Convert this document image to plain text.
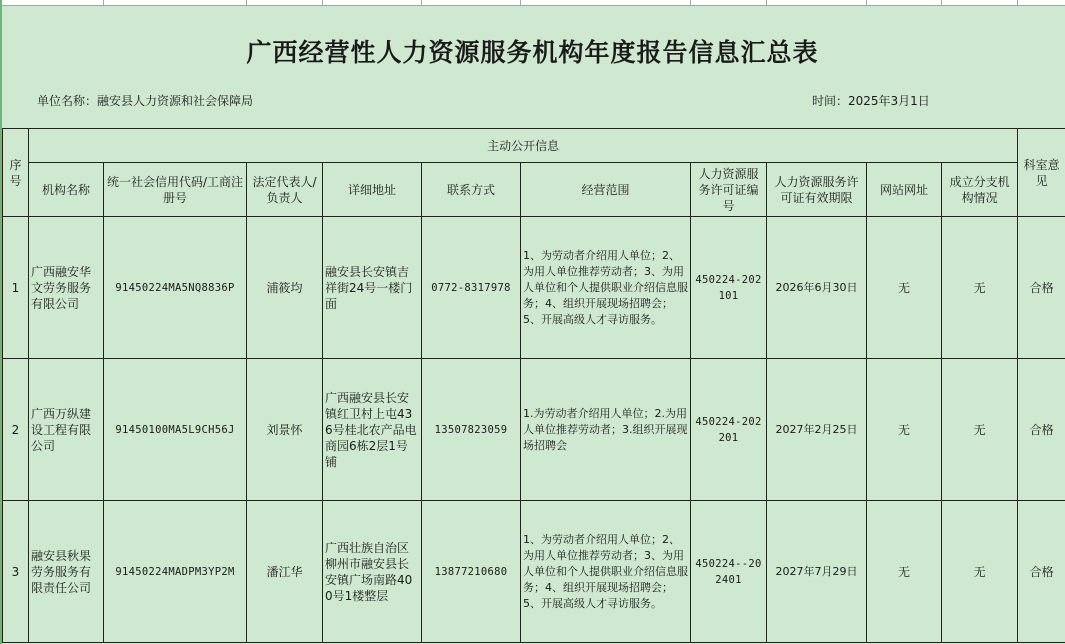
广西经营性人力资源服务机构年度报告信息汇总表
单位名称：融安县人力资源和社会保障局	时间：2025年3月1日
序号	主动公开信息										科室意见
	机构名称	统一社会信用代码/工商注册号	法定代表人/负责人	详细地址	联系方式	经营范围	人力资源服务许可证编号	人力资源服务许可证有效期限	网站网址	成立分支机构情况	
1	广西融安华文劳务服务有限公司	91450224MA5NQ8836P	浦筱均	融安县长安镇吉祥街24号一楼门面	0772-8317978	1、为劳动者介绍用人单位；2、为用人单位推荐劳动者；3、为用人单位和个人提供职业介绍信息服务；4、组织开展现场招聘会；5、开展高级人才寻访服务。	450224-202101	2026年6月30日	无	无	合格
2	广西万纵建设工程有限公司	91450100MA5L9CH56J	刘景怀	广西融安县长安镇红卫村上屯436号桂北农产品电商园6栋2层1号铺	13507823059	1.为劳动者介绍用人单位；2.为用人单位推荐劳动者；3.组织开展现场招聘会	450224-202201	2027年2月25日	无	无	合格
3	融安县秋果劳务服务有限责任公司	91450224MADPM3YP2M	潘江华	广西壮族自治区柳州市融安县长安镇广场南路400号1楼整层	13877210680	1、为劳动者介绍用人单位；2、为用人单位推荐劳动者；3、为用人单位和个人提供职业介绍信息服务；4、组织开展现场招聘会；5、开展高级人才寻访服务。	450224--202401	2027年7月29日	无	无	合格
